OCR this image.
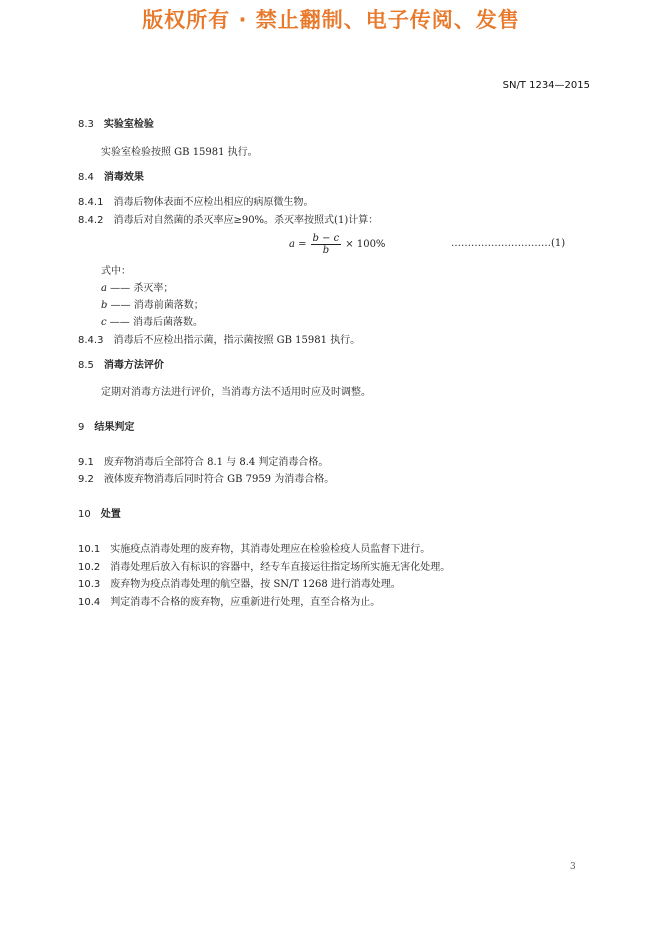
版权所有 · 禁止翻制、电子传阅、发售
SN/T 1234—2015
8.3 实验室检验
实验室检验按照 GB 15981 执行。
8.4 消毒效果
8.4.1 消毒后物体表面不应检出相应的病原微生物。
8.4.2 消毒后对自然菌的杀灭率应≥90%。杀灭率按照式(1)计算：
$a = \frac{b - c}{b} \times 100\%$	…………………………(1)
式中：
a —— 杀灭率；
b —— 消毒前菌落数；
c —— 消毒后菌落数。
8.4.3 消毒后不应检出指示菌，指示菌按照 GB 15981 执行。
8.5 消毒方法评价
定期对消毒方法进行评价，当消毒方法不适用时应及时调整。
9 结果判定
9.1 废弃物消毒后全部符合 8.1 与 8.4 判定消毒合格。
9.2 液体废弃物消毒后同时符合 GB 7959 为消毒合格。
10 处置
10.1 实施疫点消毒处理的废弃物，其消毒处理应在检验检疫人员监督下进行。
10.2 消毒处理后放入有标识的容器中，经专车直接运往指定场所实施无害化处理。
10.3 废弃物为疫点消毒处理的航空器，按 SN/T 1268 进行消毒处理。
10.4 判定消毒不合格的废弃物，应重新进行处理，直至合格为止。
3
